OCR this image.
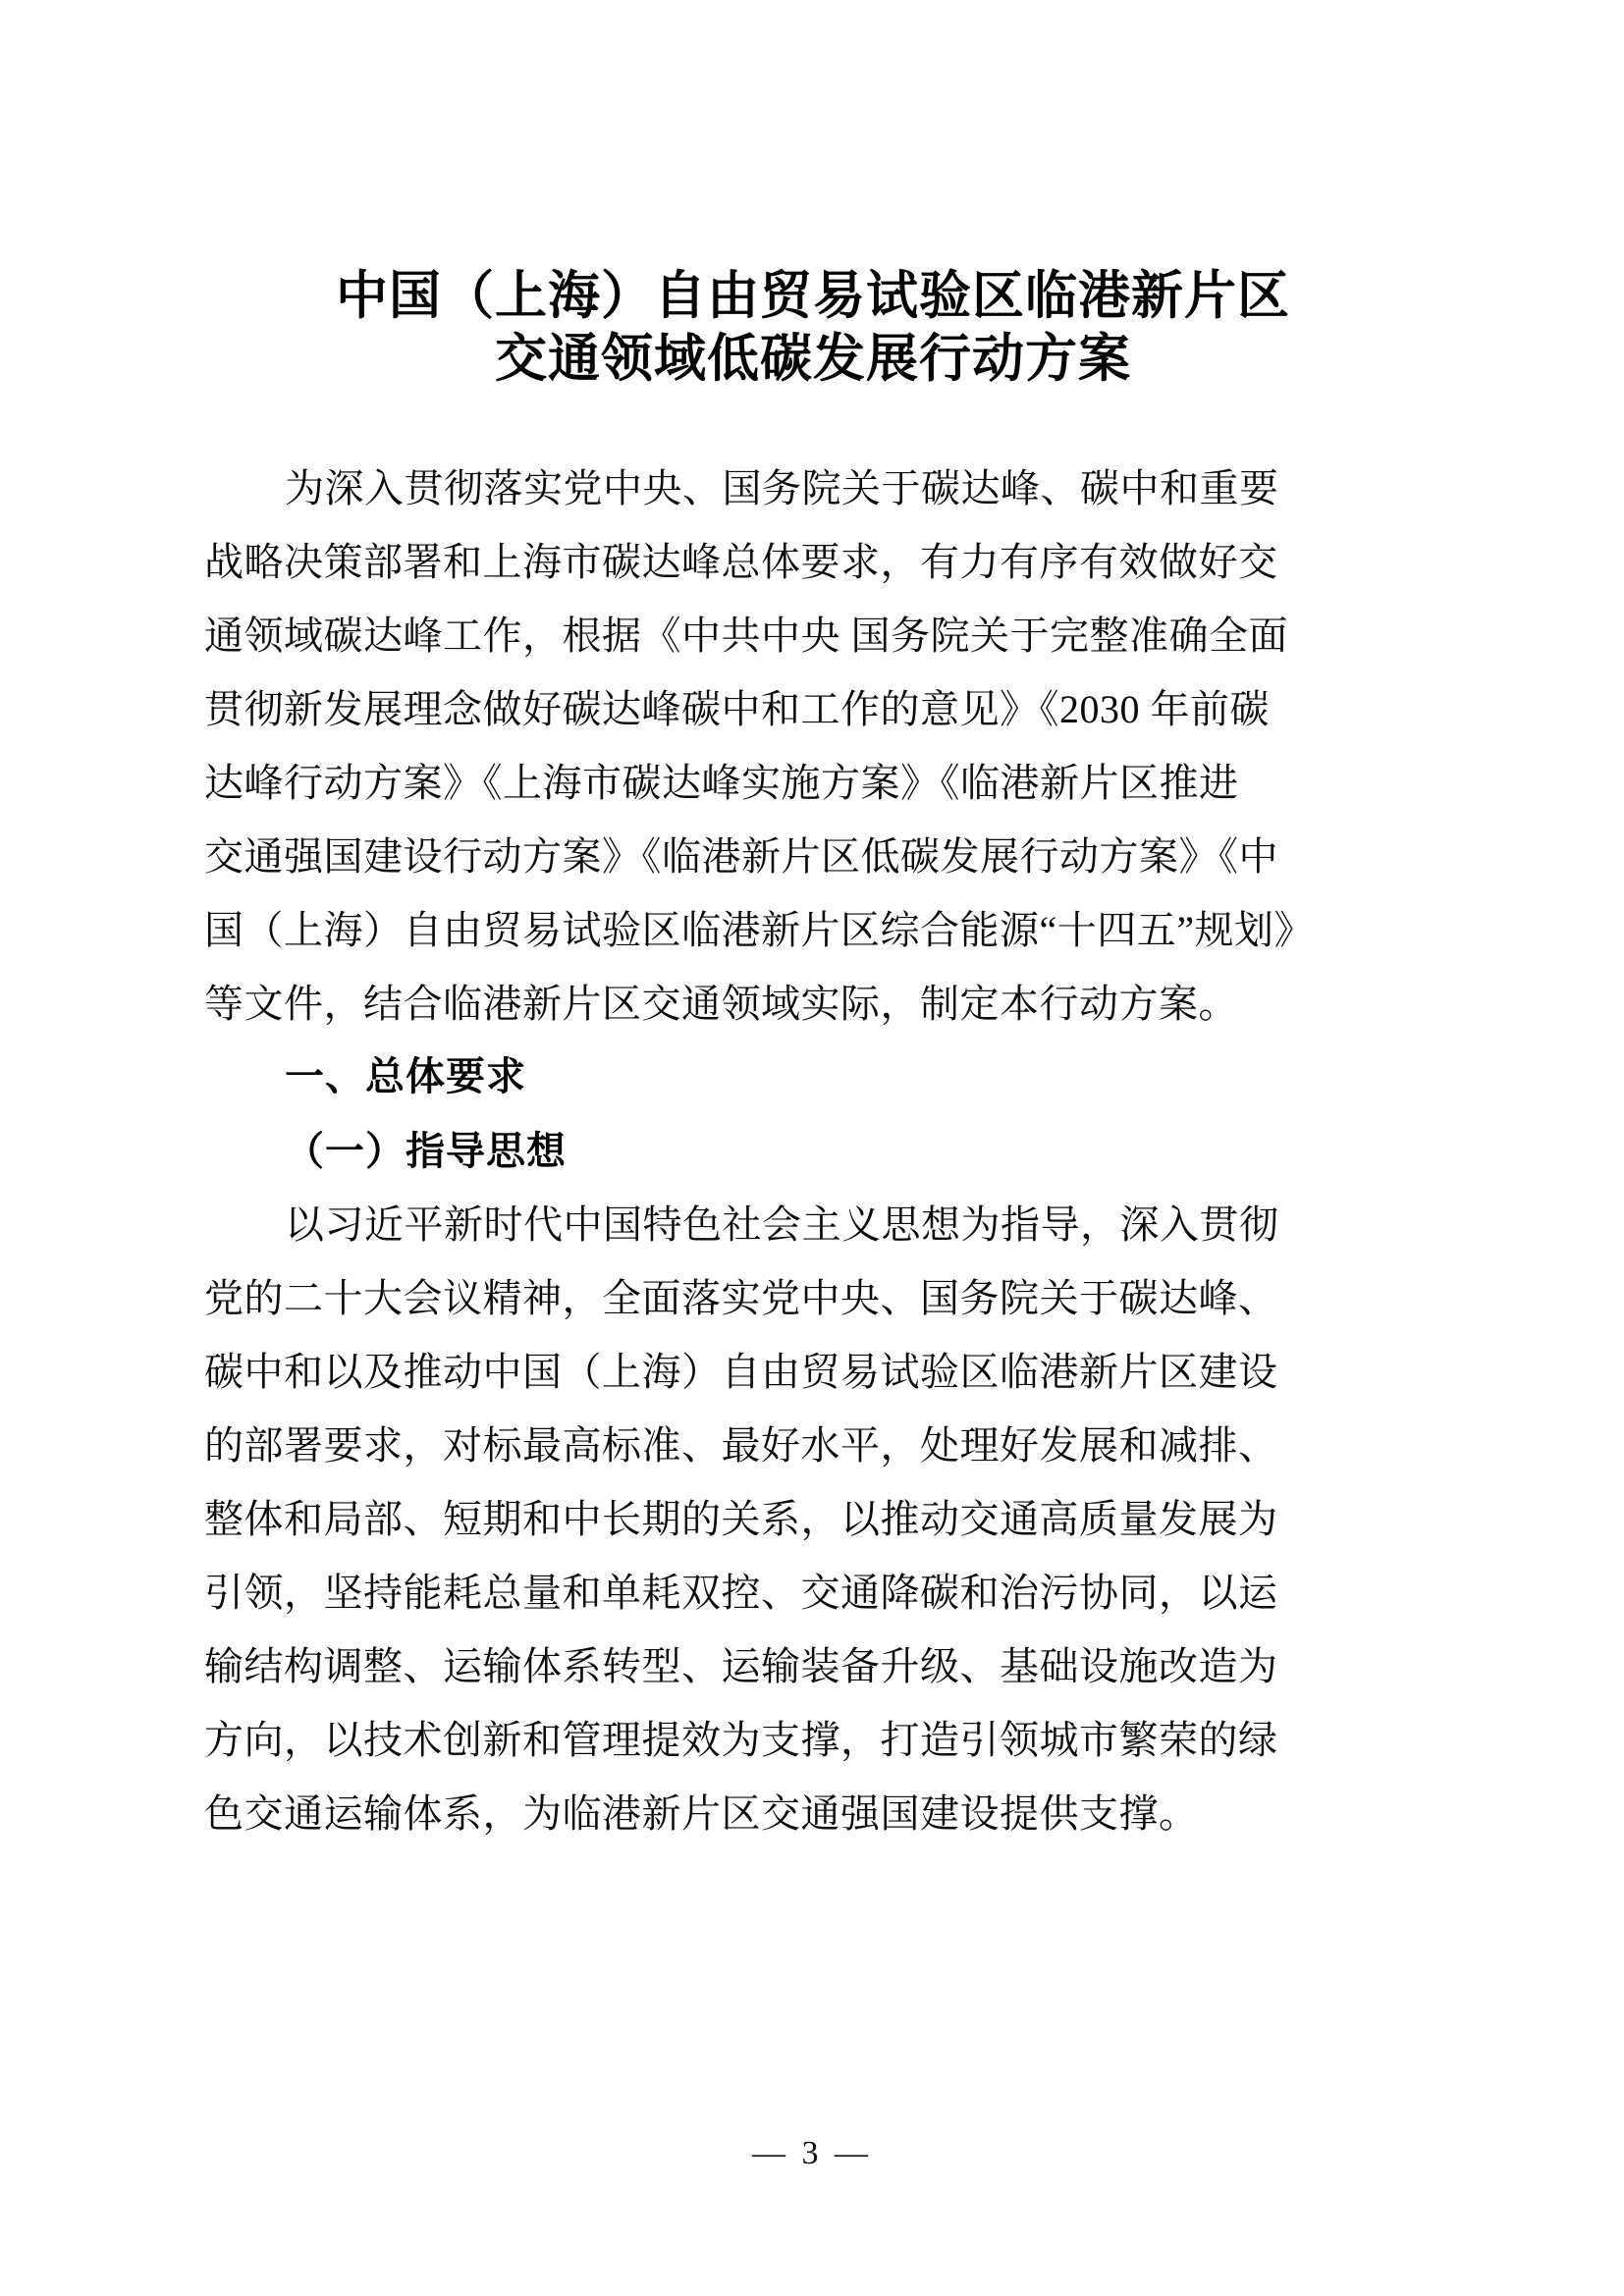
中国（上海）自由贸易试验区临港新片区
交通领域低碳发展行动方案

为深入贯彻落实党中央、国务院关于碳达峰、碳中和重要
战略决策部署和上海市碳达峰总体要求，有力有序有效做好交
通领域碳达峰工作，根据《中共中央 国务院关于完整准确全面
贯彻新发展理念做好碳达峰碳中和工作的意见》《2030 年前碳
达峰行动方案》《上海市碳达峰实施方案》《临港新片区推进
交通强国建设行动方案》《临港新片区低碳发展行动方案》《中
国（上海）自由贸易试验区临港新片区综合能源“十四五”规划》
等文件，结合临港新片区交通领域实际，制定本行动方案。

一、总体要求

（一）指导思想

以习近平新时代中国特色社会主义思想为指导，深入贯彻
党的二十大会议精神，全面落实党中央、国务院关于碳达峰、
碳中和以及推动中国（上海）自由贸易试验区临港新片区建设
的部署要求，对标最高标准、最好水平，处理好发展和减排、
整体和局部、短期和中长期的关系，以推动交通高质量发展为
引领，坚持能耗总量和单耗双控、交通降碳和治污协同，以运
输结构调整、运输体系转型、运输装备升级、基础设施改造为
方向，以技术创新和管理提效为支撑，打造引领城市繁荣的绿
色交通运输体系，为临港新片区交通强国建设提供支撑。

— 3 —
